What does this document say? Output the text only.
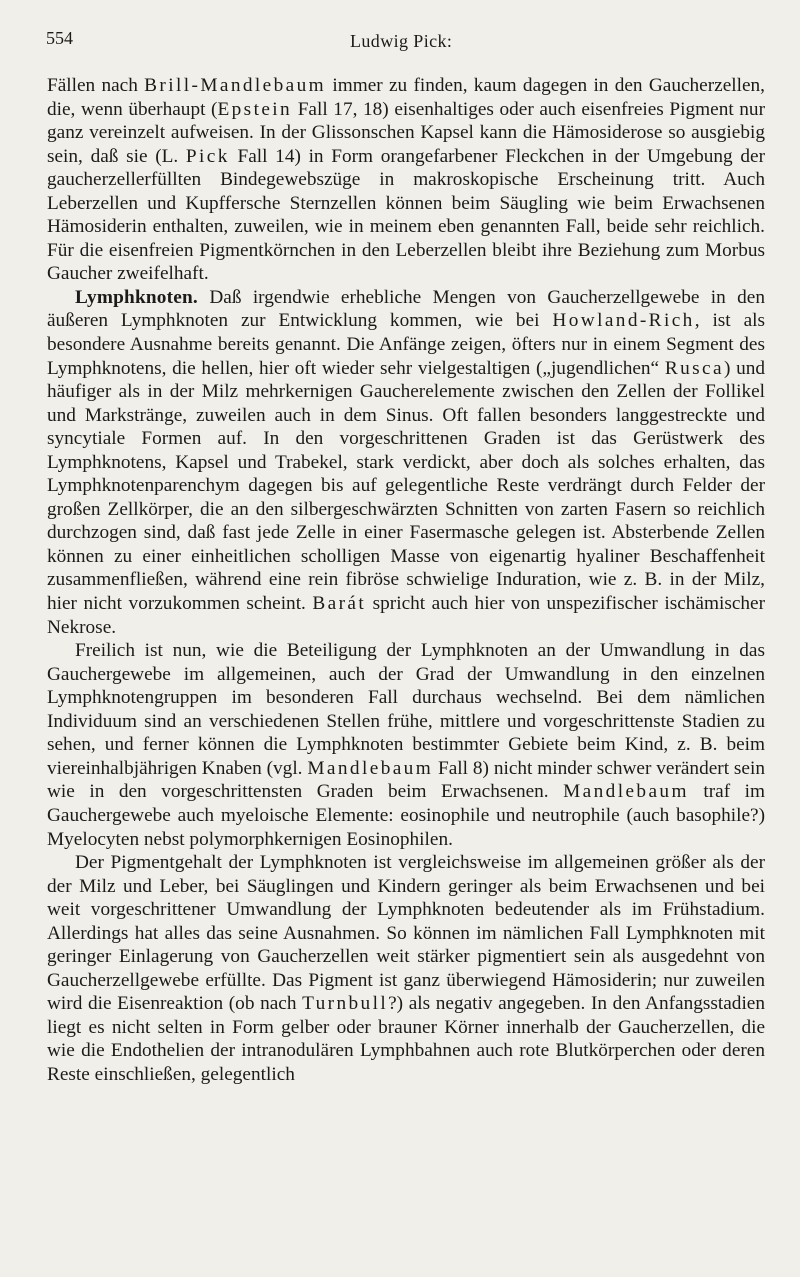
554	Ludwig Pick:

Fällen nach Brill-Mandlebaum immer zu finden, kaum dagegen in den Gaucherzellen, die, wenn überhaupt (Epstein Fall 17, 18) eisenhaltiges oder auch eisenfreies Pigment nur ganz vereinzelt aufweisen. In der Glissonschen Kapsel kann die Hämosiderose so ausgiebig sein, daß sie (L. Pick Fall 14) in Form orangefarbener Fleckchen in der Umgebung der gaucherzellerfüllten Bindegewebszüge in makroskopische Erscheinung tritt. Auch Leberzellen und Kupffersche Sternzellen können beim Säugling wie beim Erwachsenen Hämosiderin enthalten, zuweilen, wie in meinem eben genannten Fall, beide sehr reichlich. Für die eisenfreien Pigmentkörnchen in den Leberzellen bleibt ihre Beziehung zum Morbus Gaucher zweifelhaft.

Lymphknoten. Daß irgendwie erhebliche Mengen von Gaucherzellgewebe in den äußeren Lymphknoten zur Entwicklung kommen, wie bei Howland-Rich, ist als besondere Ausnahme bereits genannt. Die Anfänge zeigen, öfters nur in einem Segment des Lymphknotens, die hellen, hier oft wieder sehr vielgestaltigen („jugendlichen“ Rusca) und häufiger als in der Milz mehrkernigen Gaucherelemente zwischen den Zellen der Follikel und Markstränge, zuweilen auch in dem Sinus. Oft fallen besonders langgestreckte und syncytiale Formen auf. In den vorgeschrittenen Graden ist das Gerüstwerk des Lymphknotens, Kapsel und Trabekel, stark verdickt, aber doch als solches erhalten, das Lymphknotenparenchym dagegen bis auf gelegentliche Reste verdrängt durch Felder der großen Zellkörper, die an den silbergeschwärzten Schnitten von zarten Fasern so reichlich durchzogen sind, daß fast jede Zelle in einer Fasermasche gelegen ist. Absterbende Zellen können zu einer einheitlichen scholligen Masse von eigenartig hyaliner Beschaffenheit zusammenfließen, während eine rein fibröse schwielige Induration, wie z. B. in der Milz, hier nicht vorzukommen scheint. Barát spricht auch hier von unspezifischer ischämischer Nekrose.

Freilich ist nun, wie die Beteiligung der Lymphknoten an der Umwandlung in das Gauchergewebe im allgemeinen, auch der Grad der Umwandlung in den einzelnen Lymphknotengruppen im besonderen Fall durchaus wechselnd. Bei dem nämlichen Individuum sind an verschiedenen Stellen frühe, mittlere und vorgeschrittenste Stadien zu sehen, und ferner können die Lymphknoten bestimmter Gebiete beim Kind, z. B. beim viereinhalbjährigen Knaben (vgl. Mandlebaum Fall 8) nicht minder schwer verändert sein wie in den vorgeschrittensten Graden beim Erwachsenen. Mandlebaum traf im Gauchergewebe auch myeloische Elemente: eosinophile und neutrophile (auch basophile?) Myelocyten nebst polymorphkernigen Eosinophilen.

Der Pigmentgehalt der Lymphknoten ist vergleichsweise im allgemeinen größer als der der Milz und Leber, bei Säuglingen und Kindern geringer als beim Erwachsenen und bei weit vorgeschrittener Umwandlung der Lymphknoten bedeutender als im Frühstadium. Allerdings hat alles das seine Ausnahmen. So können im nämlichen Fall Lymphknoten mit geringer Einlagerung von Gaucherzellen weit stärker pigmentiert sein als ausgedehnt von Gaucherzellgewebe erfüllte. Das Pigment ist ganz überwiegend Hämosiderin; nur zuweilen wird die Eisenreaktion (ob nach Turnbull?) als negativ angegeben. In den Anfangsstadien liegt es nicht selten in Form gelber oder brauner Körner innerhalb der Gaucherzellen, die wie die Endothelien der intranodulären Lymphbahnen auch rote Blutkörperchen oder deren Reste einschließen, gelegentlich
